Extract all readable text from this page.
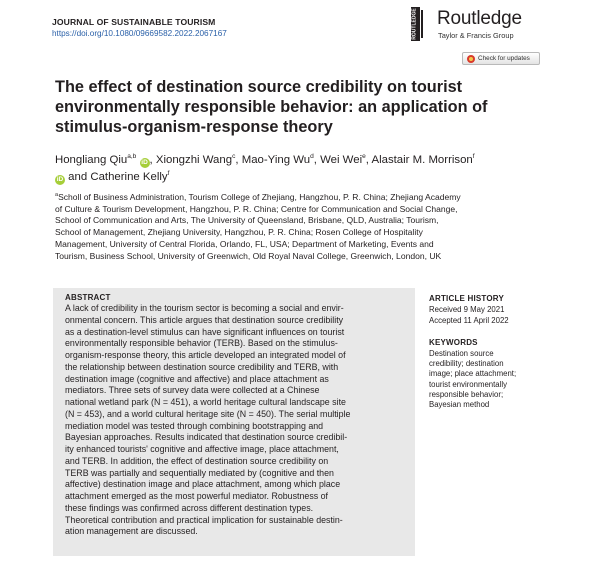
JOURNAL OF SUSTAINABLE TOURISM
https://doi.org/10.1080/09669582.2022.2067167	ROUTLEDGE Routledge
Taylor & Francis Group
Check for updates
The effect of destination source credibility on tourist
environmentally responsible behavior: an application of
stimulus-organism-response theory
Hongliang Qiu$^{a,b}$ iD , Xiongzhi Wang$^c$, Mao-Ying Wu$^d$, Wei Wei$^e$, Alastair M. Morrison$^f$
iD and Catherine Kelly$^f$
$^a$Scholl of Business Administration, Tourism College of Zhejiang, Hangzhou, P. R. China; Zhejiang Academy
of Culture & Tourism Development, Hangzhou, P. R. China; Centre for Communication and Social Change,
School of Communication and Arts, The University of Queensland, Brisbane, QLD, Australia; Tourism,
School of Management, Zhejiang University, Hangzhou, P. R. China; Rosen College of Hospitality
Management, University of Central Florida, Orlando, FL, USA; Department of Marketing, Events and
Tourism, Business School, University of Greenwich, Old Royal Naval College, Greenwich, London, UK
ABSTRACT
A lack of credibility in the tourism sector is becoming a social and envir-
onmental concern. This article argues that destination source credibility
as a destination-level stimulus can have significant influences on tourist
environmentally responsible behavior (TERB). Based on the stimulus-
organism-response theory, this article developed an integrated model of
the relationship between destination source credibility and TERB, with
destination image (cognitive and affective) and place attachment as
mediators. Three sets of survey data were collected at a Chinese
national wetland park (N = 451), a world heritage cultural landscape site
(N = 453), and a world cultural heritage site (N = 450). The serial multiple
mediation model was tested through combining bootstrapping and
Bayesian approaches. Results indicated that destination source credibil-
ity enhanced tourists' cognitive and affective image, place attachment,
and TERB. In addition, the effect of destination source credibility on
TERB was partially and sequentially mediated by (cognitive and then
affective) destination image and place attachment, among which place
attachment emerged as the most powerful mediator. Robustness of
these findings was confirmed across different destination types.
Theoretical contribution and practical implication for sustainable destin-
ation management are discussed.
ARTICLE HISTORY
Received 9 May 2021
Accepted 11 April 2022
KEYWORDS
Destination source
credibility; destination
image; place attachment;
tourist environmentally
responsible behavior;
Bayesian method
